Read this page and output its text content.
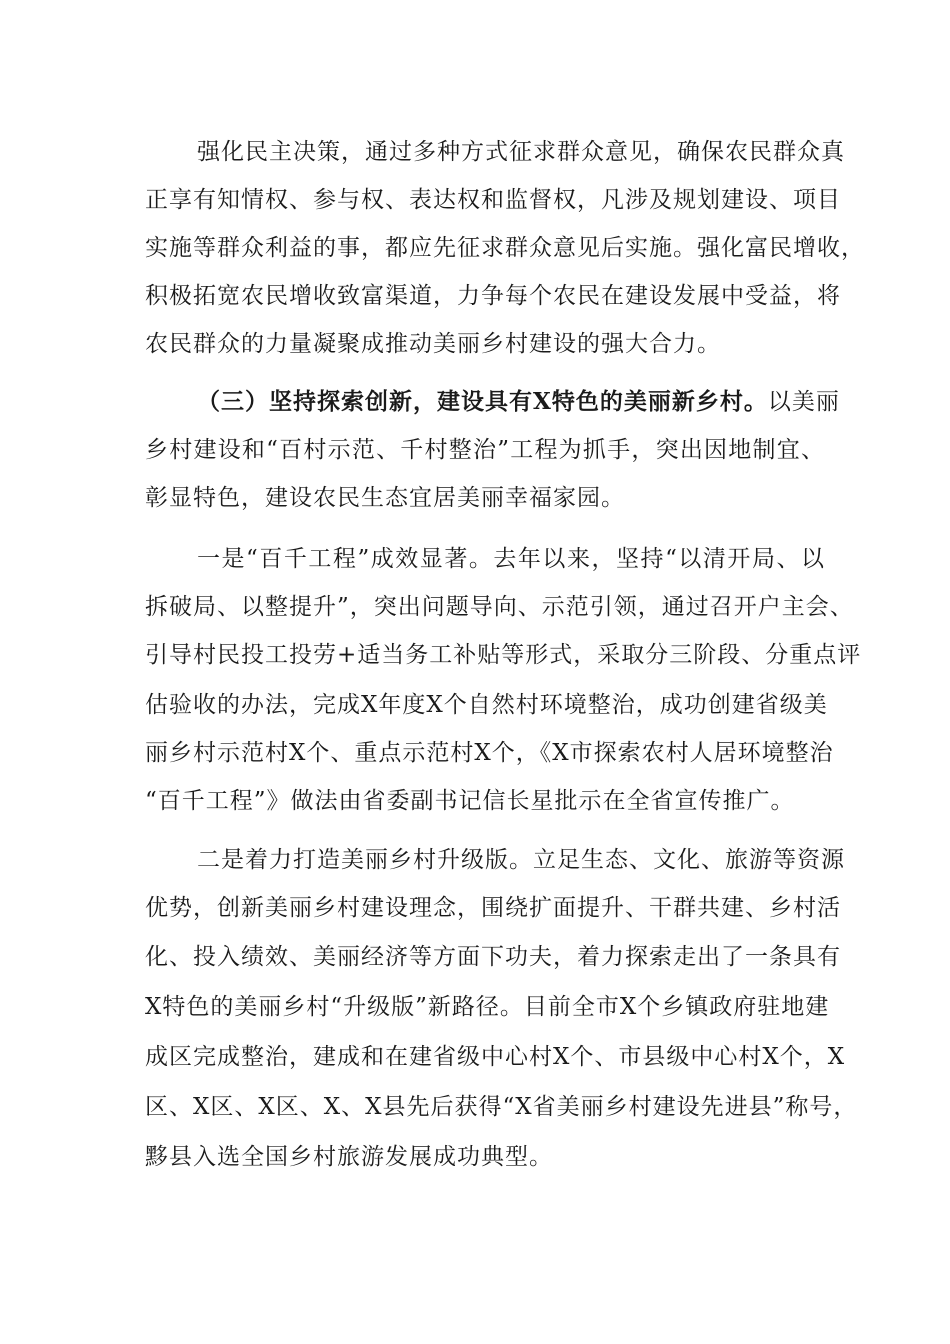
强化民主决策，通过多种方式征求群众意见，确保农民群众真
正享有知情权、参与权、表达权和监督权，凡涉及规划建设、项目
实施等群众利益的事，都应先征求群众意见后实施。强化富民增收，
积极拓宽农民增收致富渠道，力争每个农民在建设发展中受益，将
农民群众的力量凝聚成推动美丽乡村建设的强大合力。
（三）坚持探索创新，建设具有X特色的美丽新乡村。以美丽
乡村建设和“百村示范、千村整治”工程为抓手，突出因地制宜、
彰显特色，建设农民生态宜居美丽幸福家园。
一是“百千工程”成效显著。去年以来，坚持“以清开局、以
拆破局、以整提升”，突出问题导向、示范引领，通过召开户主会、
引导村民投工投劳+适当务工补贴等形式，采取分三阶段、分重点评
估验收的办法，完成X年度X个自然村环境整治，成功创建省级美
丽乡村示范村X个、重点示范村X个，《X市探索农村人居环境整治
“百千工程”》做法由省委副书记信长星批示在全省宣传推广。
二是着力打造美丽乡村升级版。立足生态、文化、旅游等资源
优势，创新美丽乡村建设理念，围绕扩面提升、干群共建、乡村活
化、投入绩效、美丽经济等方面下功夫，着力探索走出了一条具有
X特色的美丽乡村“升级版”新路径。目前全市X个乡镇政府驻地建
成区完成整治，建成和在建省级中心村X个、市县级中心村X个，X
区、X区、X区、X、X县先后获得“X省美丽乡村建设先进县”称号，
黟县入选全国乡村旅游发展成功典型。
